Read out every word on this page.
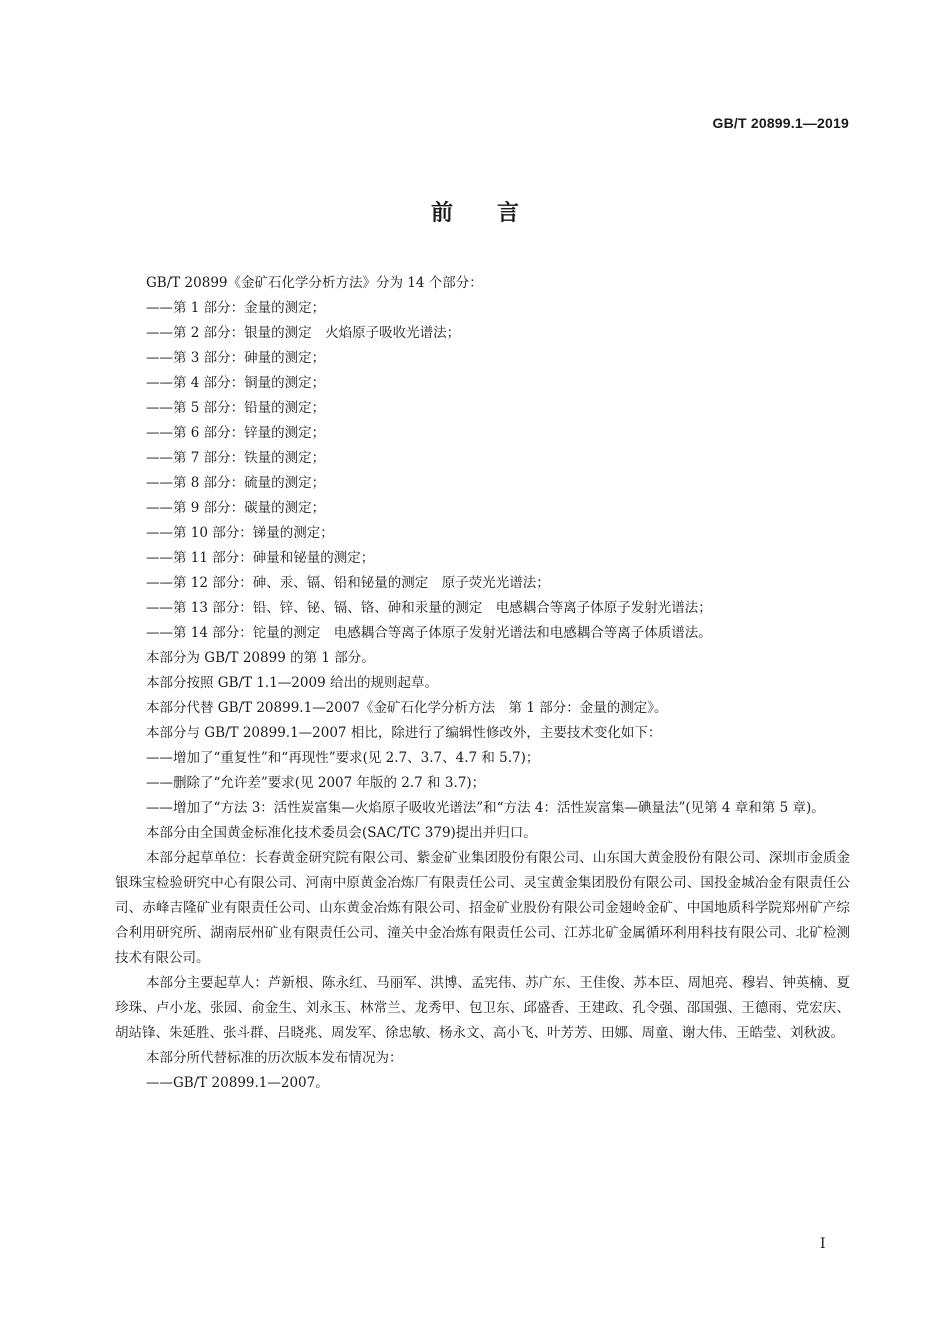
GB/T 20899.1—2019
前　　言

GB/T 20899《金矿石化学分析方法》分为 14 个部分：

——第 1 部分：金量的测定；
——第 2 部分：银量的测定　火焰原子吸收光谱法；
——第 3 部分：砷量的测定；
——第 4 部分：铜量的测定；
——第 5 部分：铅量的测定；
——第 6 部分：锌量的测定；
——第 7 部分：铁量的测定；
——第 8 部分：硫量的测定；
——第 9 部分：碳量的测定；
——第 10 部分：锑量的测定；
——第 11 部分：砷量和铋量的测定；
——第 12 部分：砷、汞、镉、铅和铋量的测定　原子荧光光谱法；
——第 13 部分：铅、锌、铋、镉、铬、砷和汞量的测定　电感耦合等离子体原子发射光谱法；
——第 14 部分：铊量的测定　电感耦合等离子体原子发射光谱法和电感耦合等离子体质谱法。

本部分为 GB/T 20899 的第 1 部分。

本部分按照 GB/T 1.1—2009 给出的规则起草。

本部分代替 GB/T 20899.1—2007《金矿石化学分析方法　第 1 部分：金量的测定》。

本部分与 GB/T 20899.1—2007 相比，除进行了编辑性修改外，主要技术变化如下：

——增加了“重复性”和“再现性”要求(见 2.7、3.7、4.7 和 5.7)；
——删除了“允许差”要求(见 2007 年版的 2.7 和 3.7)；
——增加了“方法 3：活性炭富集—火焰原子吸收光谱法”和“方法 4：活性炭富集—碘量法”(见第 4 章和第 5 章)。

本部分由全国黄金标准化技术委员会(SAC/TC 379)提出并归口。

本部分起草单位：长春黄金研究院有限公司、紫金矿业集团股份有限公司、山东国大黄金股份有限公司、深圳市金质金银珠宝检验研究中心有限公司、河南中原黄金冶炼厂有限责任公司、灵宝黄金集团股份有限公司、国投金城冶金有限责任公司、赤峰吉隆矿业有限责任公司、山东黄金冶炼有限公司、招金矿业股份有限公司金翅岭金矿、中国地质科学院郑州矿产综合利用研究所、湖南辰州矿业有限责任公司、潼关中金冶炼有限责任公司、江苏北矿金属循环利用科技有限公司、北矿检测技术有限公司。

本部分主要起草人：芦新根、陈永红、马丽军、洪博、孟宪伟、苏广东、王佳俊、苏本臣、周旭亮、穆岩、钟英楠、夏珍珠、卢小龙、张园、俞金生、刘永玉、林常兰、龙秀甲、包卫东、邱盛香、王建政、孔令强、邵国强、王德雨、党宏庆、胡站锋、朱延胜、张斗群、吕晓兆、周发军、徐忠敏、杨永文、高小飞、叶芳芳、田娜、周童、谢大伟、王皓莹、刘秋波。

本部分所代替标准的历次版本发布情况为：

——GB/T 20899.1—2007。
I
